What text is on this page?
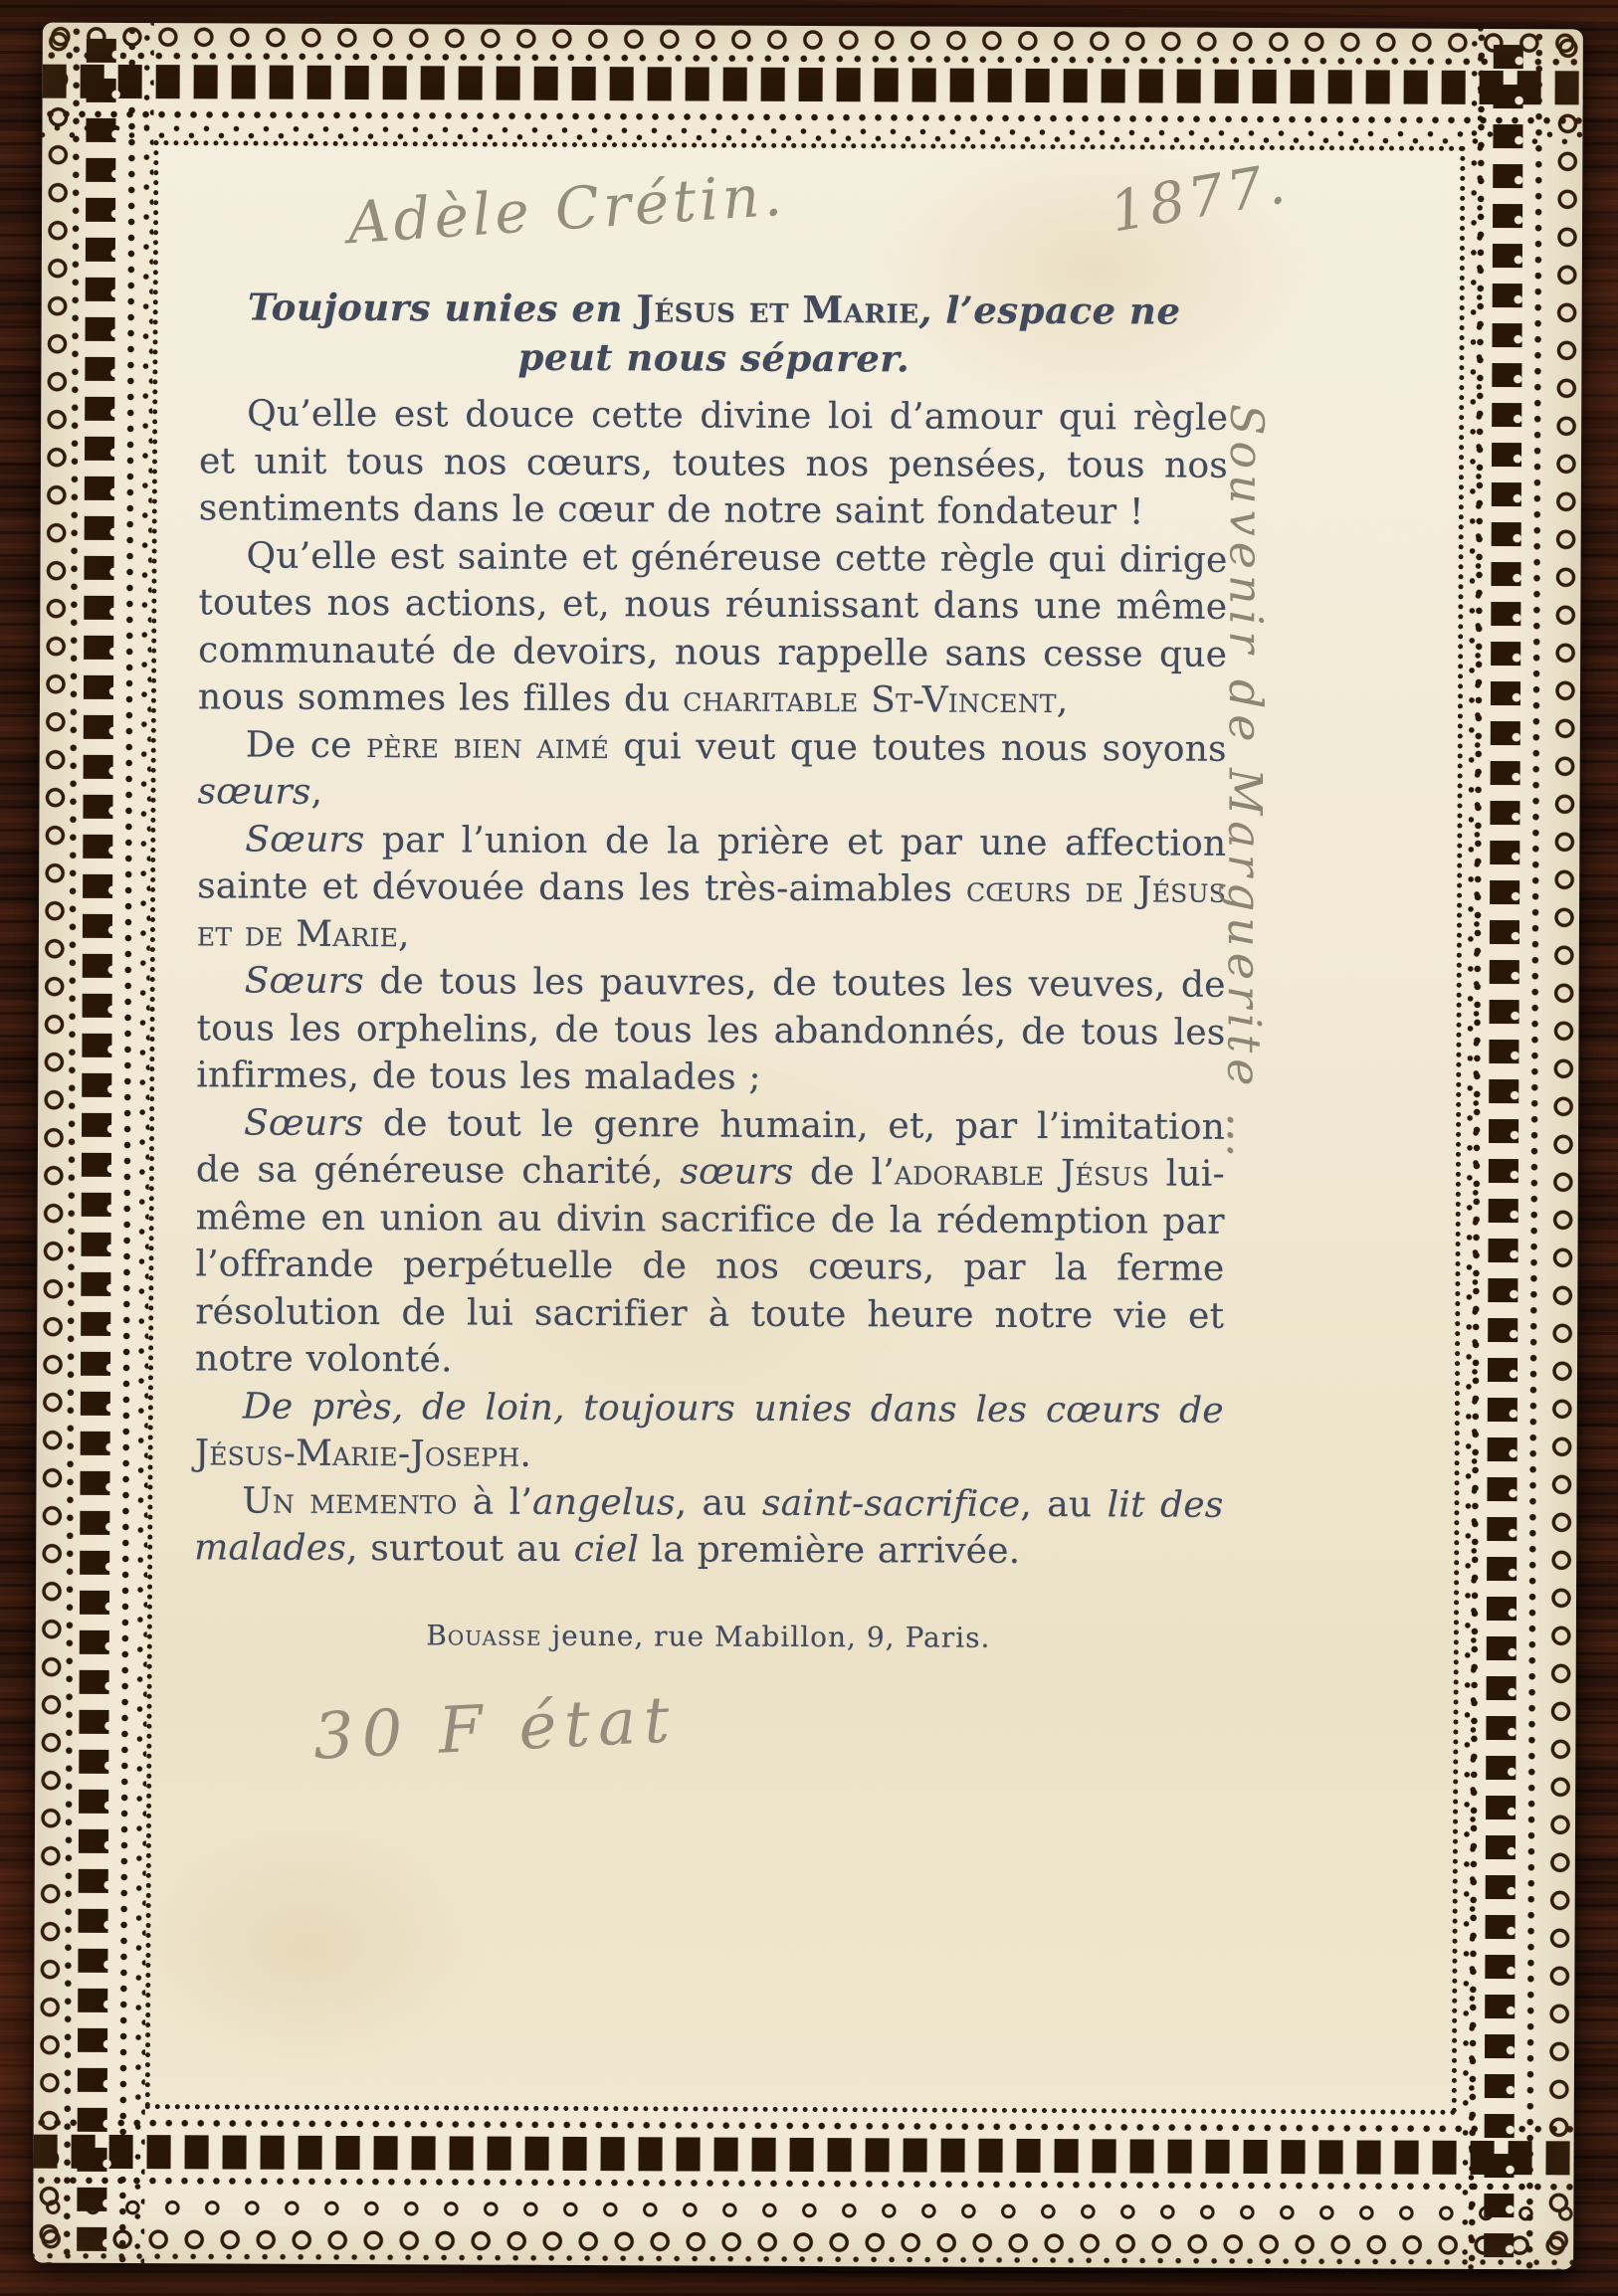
Adèle Crétin.	1877.
Toujours unies en Jésus et Marie, l’espace ne peut nous séparer.

Qu’elle est douce cette divine loi d’amour qui règle et unit tous nos cœurs, toutes nos pensées, tous nos sentiments dans le cœur de notre saint fondateur !

Qu’elle est sainte et généreuse cette règle qui dirige toutes nos actions, et, nous réunissant dans une même communauté de devoirs, nous rappelle sans cesse que nous sommes les filles du charitable St-Vincent,

De ce père bien aimé qui veut que toutes nous soyons sœurs,

Sœurs par l’union de la prière et par une affection sainte et dévouée dans les très-aimables cœurs de Jésus et de Marie,

Sœurs de tous les pauvres, de toutes les veuves, de tous les orphelins, de tous les abandonnés, de tous les infirmes, de tous les malades ;

Sœurs de tout le genre humain, et, par l’imitation de sa généreuse charité, sœurs de l’adorable Jésus lui-même en union au divin sacrifice de la rédemption par l’offrande perpétuelle de nos cœurs, par la ferme résolution de lui sacrifier à toute heure notre vie et notre volonté.

De près, de loin, toujours unies dans les cœurs de Jésus-Marie-Joseph.

Un memento à l’angelus, au saint-sacrifice, au lit des malades, surtout au ciel la première arrivée.

Bouasse jeune, rue Mabillon, 9, Paris.
30 F état
Souvenir de Marguerite …
